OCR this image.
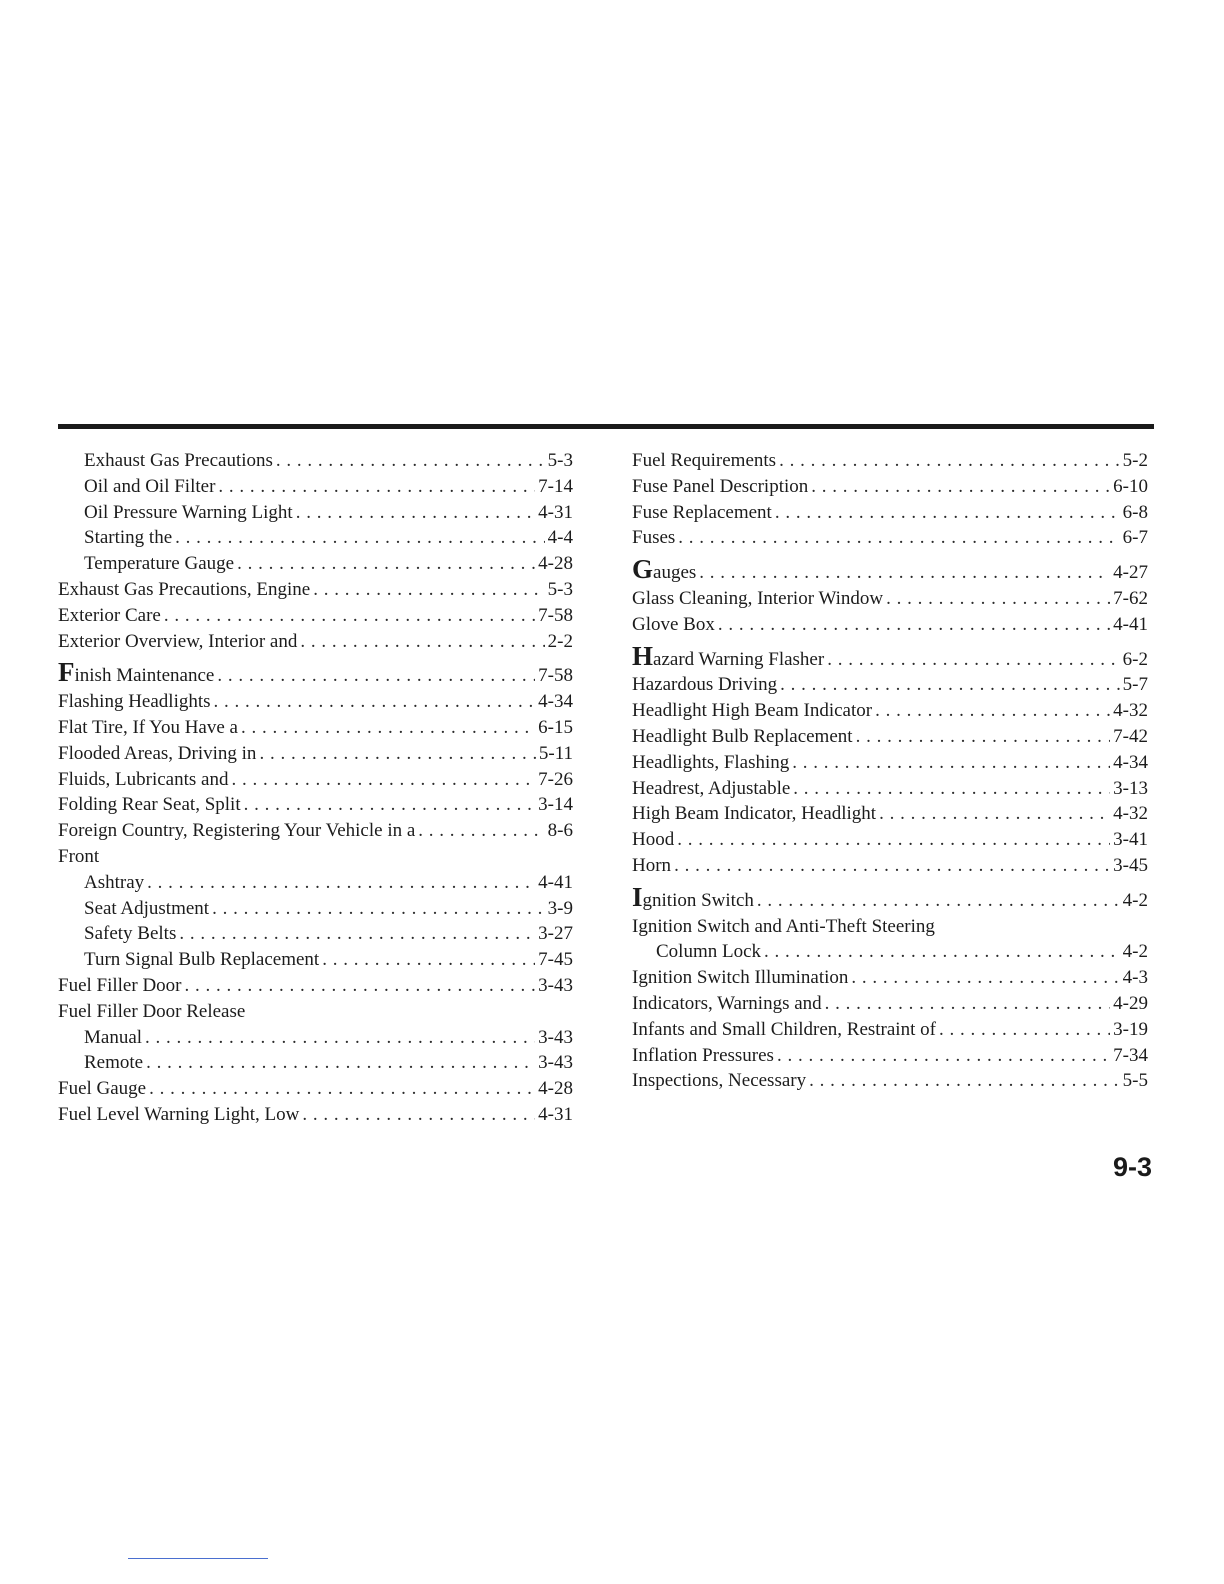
Exhaust Gas Precautions . . .	5-3
Oil and Oil Filter . . .	7-14
Oil Pressure Warning Light . . .	4-31
Starting the . . .	4-4
Temperature Gauge . . .	4-28
Exhaust Gas Precautions, Engine . . .	5-3
Exterior Care . . .	7-58
Exterior Overview, Interior and . . .	2-2
Finish Maintenance . . .	7-58
Flashing Headlights . . .	4-34
Flat Tire, If You Have a . . .	6-15
Flooded Areas, Driving in . . .	5-11
Fluids, Lubricants and . . .	7-26
Folding Rear Seat, Split . . .	3-14
Foreign Country, Registering Your Vehicle in a . . .	8-6
Front
Ashtray . . .	4-41
Seat Adjustment . . .	3-9
Safety Belts . . .	3-27
Turn Signal Bulb Replacement . . .	7-45
Fuel Filler Door . . .	3-43
Fuel Filler Door Release
Manual . . .	3-43
Remote . . .	3-43
Fuel Gauge . . .	4-28
Fuel Level Warning Light, Low . . .	4-31
Fuel Requirements . . .	5-2
Fuse Panel Description . . .	6-10
Fuse Replacement . . .	6-8
Fuses . . .	6-7
Gauges . . .	4-27
Glass Cleaning, Interior Window . . .	7-62
Glove Box . . .	4-41
Hazard Warning Flasher . . .	6-2
Hazardous Driving . . .	5-7
Headlight High Beam Indicator . . .	4-32
Headlight Bulb Replacement . . .	7-42
Headlights, Flashing . . .	4-34
Headrest, Adjustable . . .	3-13
High Beam Indicator, Headlight . . .	4-32
Hood . . .	3-41
Horn . . .	3-45
Ignition Switch . . .	4-2
Ignition Switch and Anti-Theft Steering
Column Lock . . .	4-2
Ignition Switch Illumination . . .	4-3
Indicators, Warnings and . . .	4-29
Infants and Small Children, Restraint of . . .	3-19
Inflation Pressures . . .	7-34
Inspections, Necessary . . .	5-5
9-3
